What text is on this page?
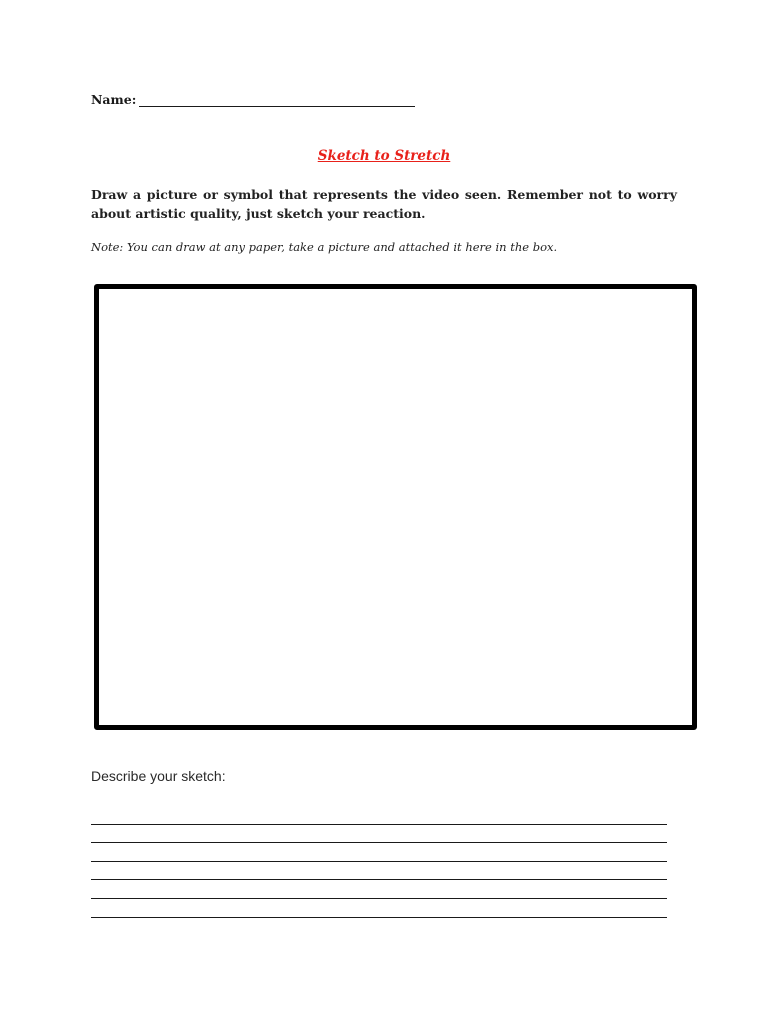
Name:
Sketch to Stretch
Draw a picture or symbol that represents the video seen. Remember not to worry about artistic quality, just sketch your reaction.
Note: You can draw at any paper, take a picture and attached it here in the box.
Describe your sketch:
